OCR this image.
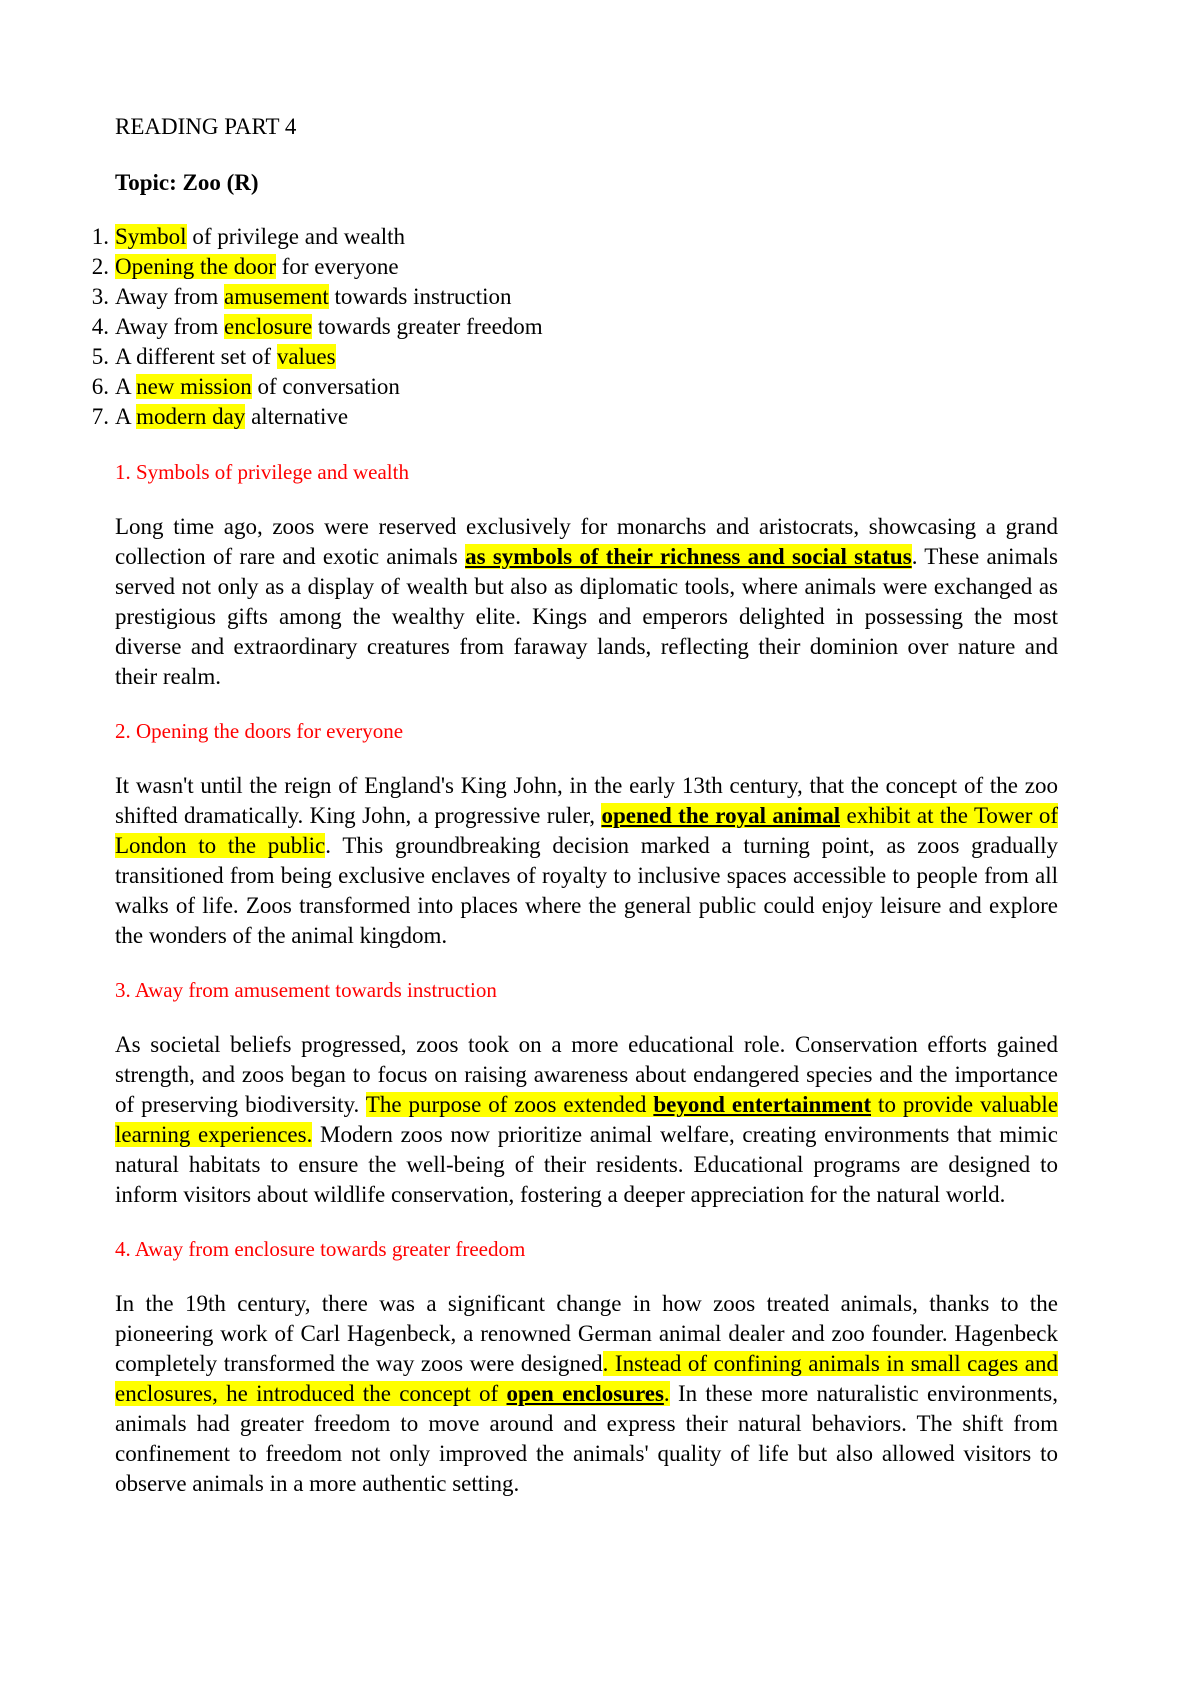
READING PART 4
Topic: Zoo (R)
1. Symbol of privilege and wealth
2. Opening the door for everyone
3. Away from amusement towards instruction
4. Away from enclosure towards greater freedom
5. A different set of values
6. A new mission of conversation
7. A modern day alternative
1. Symbols of privilege and wealth

Long time ago, zoos were reserved exclusively for monarchs and aristocrats, showcasing a grand collection of rare and exotic animals as symbols of their richness and social status. These animals served not only as a display of wealth but also as diplomatic tools, where animals were exchanged as prestigious gifts among the wealthy elite. Kings and emperors delighted in possessing the most diverse and extraordinary creatures from faraway lands, reflecting their dominion over nature and their realm.

2. Opening the doors for everyone

It wasn't until the reign of England's King John, in the early 13th century, that the concept of the zoo shifted dramatically. King John, a progressive ruler, opened the royal animal exhibit at the Tower of London to the public. This groundbreaking decision marked a turning point, as zoos gradually transitioned from being exclusive enclaves of royalty to inclusive spaces accessible to people from all walks of life. Zoos transformed into places where the general public could enjoy leisure and explore the wonders of the animal kingdom.

3. Away from amusement towards instruction

As societal beliefs progressed, zoos took on a more educational role. Conservation efforts gained strength, and zoos began to focus on raising awareness about endangered species and the importance of preserving biodiversity. The purpose of zoos extended beyond entertainment to provide valuable learning experiences. Modern zoos now prioritize animal welfare, creating environments that mimic natural habitats to ensure the well-being of their residents. Educational programs are designed to inform visitors about wildlife conservation, fostering a deeper appreciation for the natural world.

4. Away from enclosure towards greater freedom

In the 19th century, there was a significant change in how zoos treated animals, thanks to the pioneering work of Carl Hagenbeck, a renowned German animal dealer and zoo founder. Hagenbeck completely transformed the way zoos were designed. Instead of confining animals in small cages and enclosures, he introduced the concept of open enclosures. In these more naturalistic environments, animals had greater freedom to move around and express their natural behaviors. The shift from confinement to freedom not only improved the animals' quality of life but also allowed visitors to observe animals in a more authentic setting.
